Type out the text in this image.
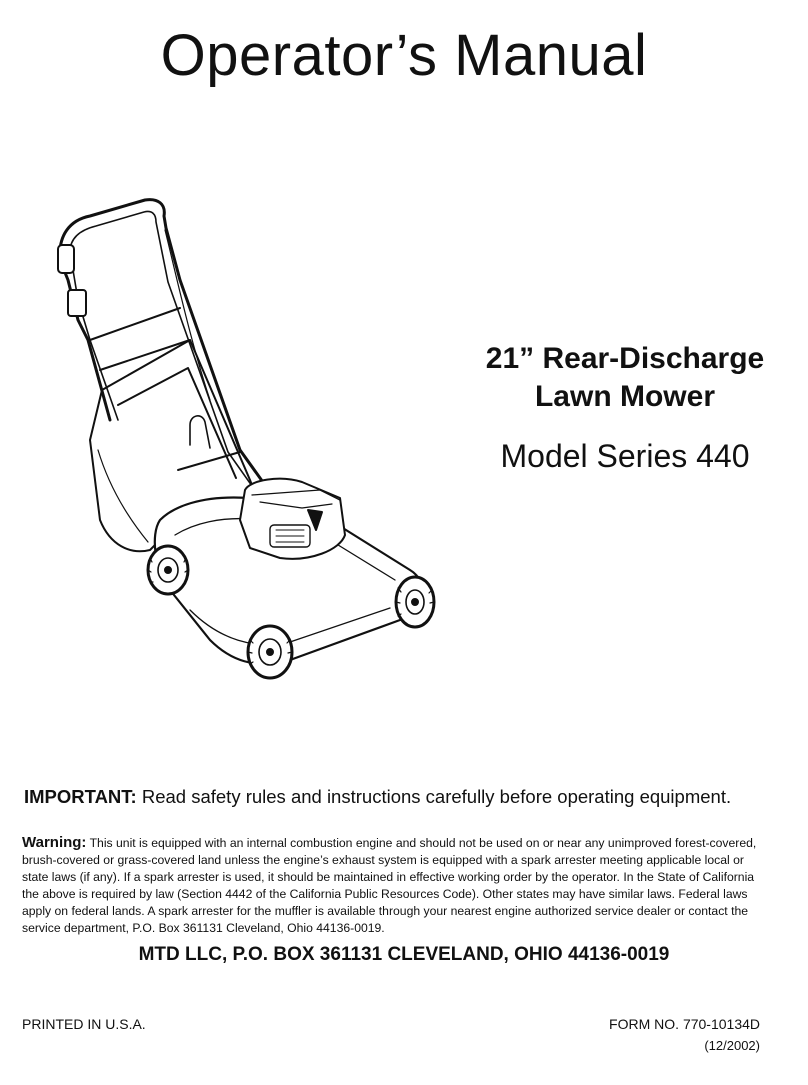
Operator’s Manual
21” Rear-Discharge
Lawn Mower
Model Series 440
IMPORTANT: Read safety rules and instructions carefully before operating equipment.
Warning: This unit is equipped with an internal combustion engine and should not be used on or near any unimproved forest-covered, brush-covered or grass-covered land unless the engine’s exhaust system is equipped with a spark arrester meeting applicable local or state laws (if any). If a spark arrester is used, it should be maintained in effective working order by the operator. In the State of California the above is required by law (Section 4442 of the California Public Resources Code). Other states may have similar laws. Federal laws apply on federal lands. A spark arrester for the muffler is available through your nearest engine authorized service dealer or contact the service department, P.O. Box 361131 Cleveland, Ohio 44136-0019.
MTD LLC, P.O. BOX 361131 CLEVELAND, OHIO 44136-0019
PRINTED IN U.S.A.	FORM NO. 770-10134D
(12/2002)
